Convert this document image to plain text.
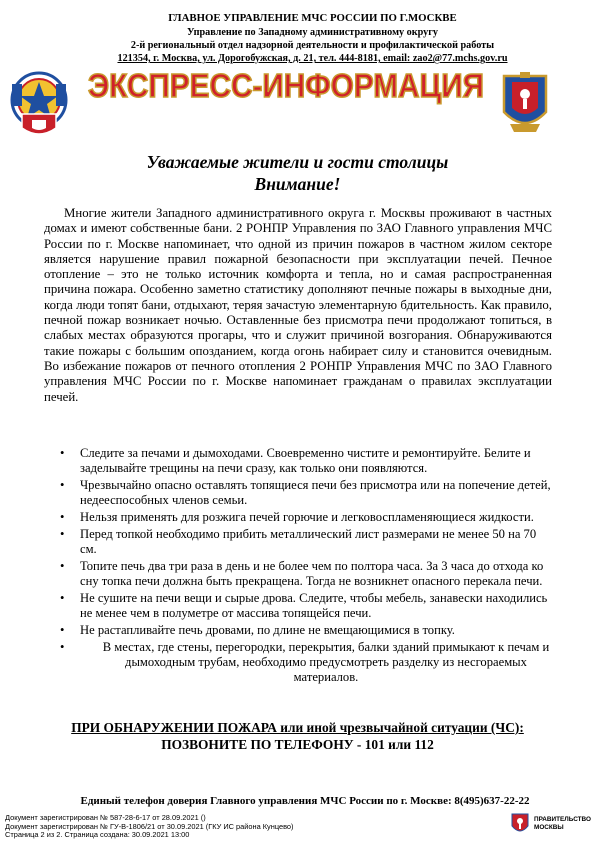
ГЛАВНОЕ УПРАВЛЕНИЕ МЧС РОССИИ ПО Г.МОСКВЕ
Управление по Западному административному округу
2-й региональный отдел надзорной деятельности и профилактической работы
121354, г. Москва, ул. Дорогобужская, д. 21, тел. 444-8181, email: zao2@77.mchs.gov.ru
ЭКСПРЕСС-ИНФОРМАЦИЯ
Уважаемые жители и гости столицы
Внимание!

Многие жители Западного административного округа г. Москвы проживают в частных домах и имеют собственные бани. 2 РОНПР Управления по ЗАО Главного управления МЧС России по г. Москве напоминает, что одной из причин пожаров в частном жилом секторе является нарушение правил пожарной безопасности при эксплуатации печей. Печное отопление – это не только источник комфорта и тепла, но и самая распространенная причина пожара. Особенно заметно статистику дополняют печные пожары в выходные дни, когда люди топят бани, отдыхают, теряя зачастую элементарную бдительность. Как правило, печной пожар возникает ночью. Оставленные без присмотра печи продолжают топиться, в слабых местах образуются прогары, что и служит причиной возгорания. Обнаруживаются такие пожары с большим опозданием, когда огонь набирает силу и становится очевидным. Во избежание пожаров от печного отопления 2 РОНПР Управления МЧС по ЗАО Главного управления МЧС России по г. Москве напоминает гражданам о правилах эксплуатации печей.

• Следите за печами и дымоходами. Своевременно чистите и ремонтируйте. Белите и заделывайте трещины на печи сразу, как только они появляются.
• Чрезвычайно опасно оставлять топящиеся печи без присмотра или на попечение детей, недееспособных членов семьи.
• Нельзя применять для розжига печей горючие и легковоспламеняющиеся жидкости.
• Перед топкой необходимо прибить металлический лист размерами не менее 50 на 70 см.
• Топите печь два три раза в день и не более чем по полтора часа. За 3 часа до отхода ко сну топка печи должна быть прекращена. Тогда не возникнет опасного перекала печи.
• Не сушите на печи вещи и сырые дрова. Следите, чтобы мебель, занавески находились не менее чем в полуметре от массива топящейся печи.
• Не растапливайте печь дровами, по длине не вмещающимися в топку.
•	В местах, где стены, перегородки, перекрытия, балки зданий примыкают к печам и дымоходным трубам, необходимо предусмотреть разделку из несгораемых материалов.
ПРИ ОБНАРУЖЕНИИ ПОЖАРА или иной чрезвычайной ситуации (ЧС):
ПОЗВОНИТЕ ПО ТЕЛЕФОНУ - 101 или 112
Единый телефон доверия Главного управления МЧС России по г. Москве: 8(495)637-22-22
Документ зарегистрирован № 587-28-6-17 от 28.09.2021 ()
Документ зарегистрирован № ГУ-В-1806/21 от 30.09.2021 (ГКУ ИС района Кунцево)
Страница 2 из 2. Страница создана: 30.09.2021 13:00
ПРАВИТЕЛЬСТВО
МОСКВЫ
